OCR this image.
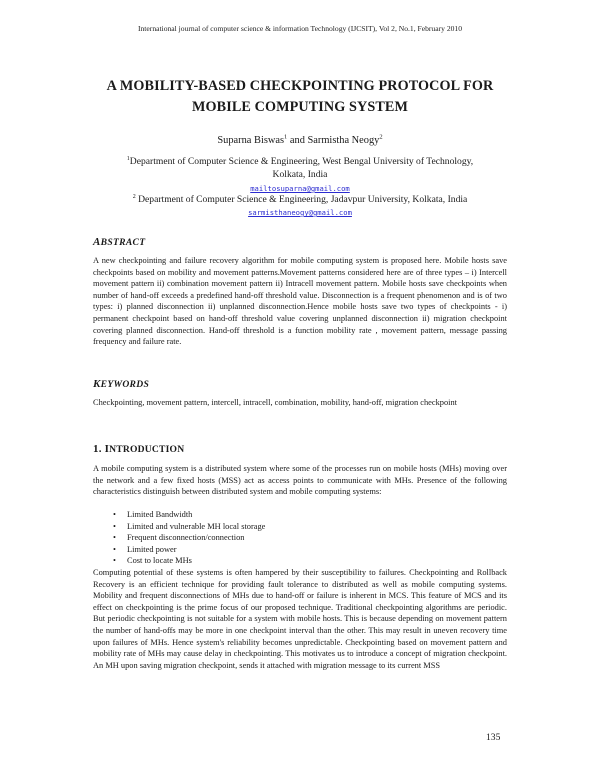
International journal of computer science & information Technology (IJCSIT), Vol 2, No.1, February 2010
A MOBILITY-BASED CHECKPOINTING PROTOCOL FOR
MOBILE COMPUTING SYSTEM
Suparna Biswas$^1$ and Sarmistha Neogy$^2$
$^1$Department of Computer Science & Engineering, West Bengal University of Technology,
Kolkata, India
mailtosuparna@gmail.com
$^2$ Department of Computer Science & Engineering, Jadavpur University, Kolkata, India
sarmisthaneogy@gmail.com
ABSTRACT
A new checkpointing and failure recovery algorithm for mobile computing system is proposed here. Mobile hosts save checkpoints based on mobility and movement patterns.Movement patterns considered here are of three types – i) Intercell movement pattern ii) combination movement pattern ii) Intracell movement pattern. Mobile hosts save checkpoints when number of hand-off exceeds a predefined hand-off threshold value. Disconnection is a frequent phenomenon and is of two types: i) planned disconnection ii) unplanned disconnection.Hence mobile hosts save two types of checkpoints - i) permanent checkpoint based on hand-off threshold value covering unplanned disconnection ii) migration checkpoint covering planned disconnection. Hand-off threshold is a function mobility rate , movement pattern, message passing frequency and failure rate.
KEYWORDS
Checkpointing, movement pattern, intercell, intracell, combination, mobility, hand-off, migration checkpoint
1. INTRODUCTION
A mobile computing system is a distributed system where some of the processes run on mobile hosts (MHs) moving over the network and a few fixed hosts (MSS) act as access points to communicate with MHs. Presence of the following characteristics distinguish between distributed system and mobile computing systems:
• Limited Bandwidth
• Limited and vulnerable MH local storage
• Frequent disconnection/connection
• Limited power
• Cost to locate MHs
Computing potential of these systems is often hampered by their susceptibility to failures. Checkpointing and Rollback Recovery is an efficient technique for providing fault tolerance to distributed as well as mobile computing systems. Mobility and frequent disconnections of MHs due to hand-off or failure is inherent in MCS. This feature of MCS and its effect on checkpointing is the prime focus of our proposed technique. Traditional checkpointing algorithms are periodic. But periodic checkpointing is not suitable for a system with mobile hosts. This is because depending on movement pattern the number of hand-offs may be more in one checkpoint interval than the other. This may result in uneven recovery time upon failures of MHs. Hence system's reliability becomes unpredictable. Checkpointing based on movement pattern and mobility rate of MHs may cause delay in checkpointing. This motivates us to introduce a concept of migration checkpoint. An MH upon saving migration checkpoint, sends it attached with migration message to its current MSS
135
